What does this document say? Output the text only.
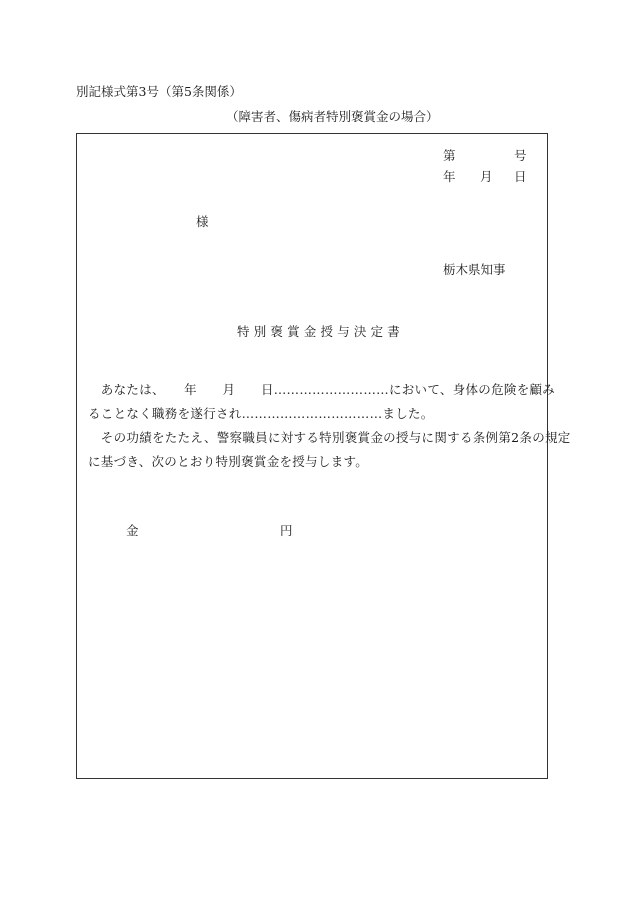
別記様式第3号（第5条関係）
（障害者、傷病者特別褒賞金の場合）
第	号
年 月 日
様
栃木県知事
特別褒賞金授与決定書
　あなたは、　　年　　月　　日………………………において、身体の危険を顧み
ることなく職務を遂行され……………………………ました。
　その功績をたたえ、警察職員に対する特別褒賞金の授与に関する条例第2条の規定
に基づき、次のとおり特別褒賞金を授与します。
金	円
